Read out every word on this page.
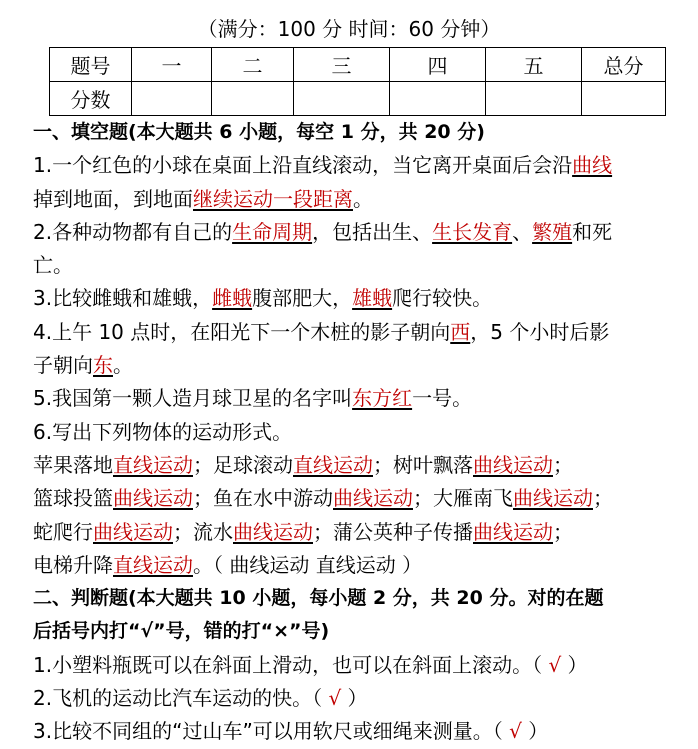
（满分：100 分 时间：60 分钟）
题号	一	二	三	四	五	总分
分数						
一、填空题(本大题共 6 小题，每空 1 分，共 20 分)
1.一个红色的小球在桌面上沿直线滚动，当它离开桌面后会沿曲线
掉到地面，到地面继续运动一段距离。
2.各种动物都有自己的生命周期，包括出生、生长发育、繁殖和死
亡。
3.比较雌蛾和雄蛾，雌蛾腹部肥大，雄蛾爬行较快。
4.上午 10 点时，在阳光下一个木桩的影子朝向西，5 个小时后影
子朝向东。
5.我国第一颗人造月球卫星的名字叫东方红一号。
6.写出下列物体的运动形式。
苹果落地直线运动；足球滚动直线运动；树叶飘落曲线运动；
篮球投篮曲线运动；鱼在水中游动曲线运动；大雁南飞曲线运动；
蛇爬行曲线运动；流水曲线运动；蒲公英种子传播曲线运动；
电梯升降直线运动。（ 曲线运动 直线运动 ）
二、判断题(本大题共 10 小题，每小题 2 分，共 20 分。对的在题
后括号内打“√”号，错的打“×”号)
1.小塑料瓶既可以在斜面上滑动，也可以在斜面上滚动。（ √ ）
2.飞机的运动比汽车运动的快。（ √ ）
3.比较不同组的“过山车”可以用软尺或细绳来测量。（ √ ）
